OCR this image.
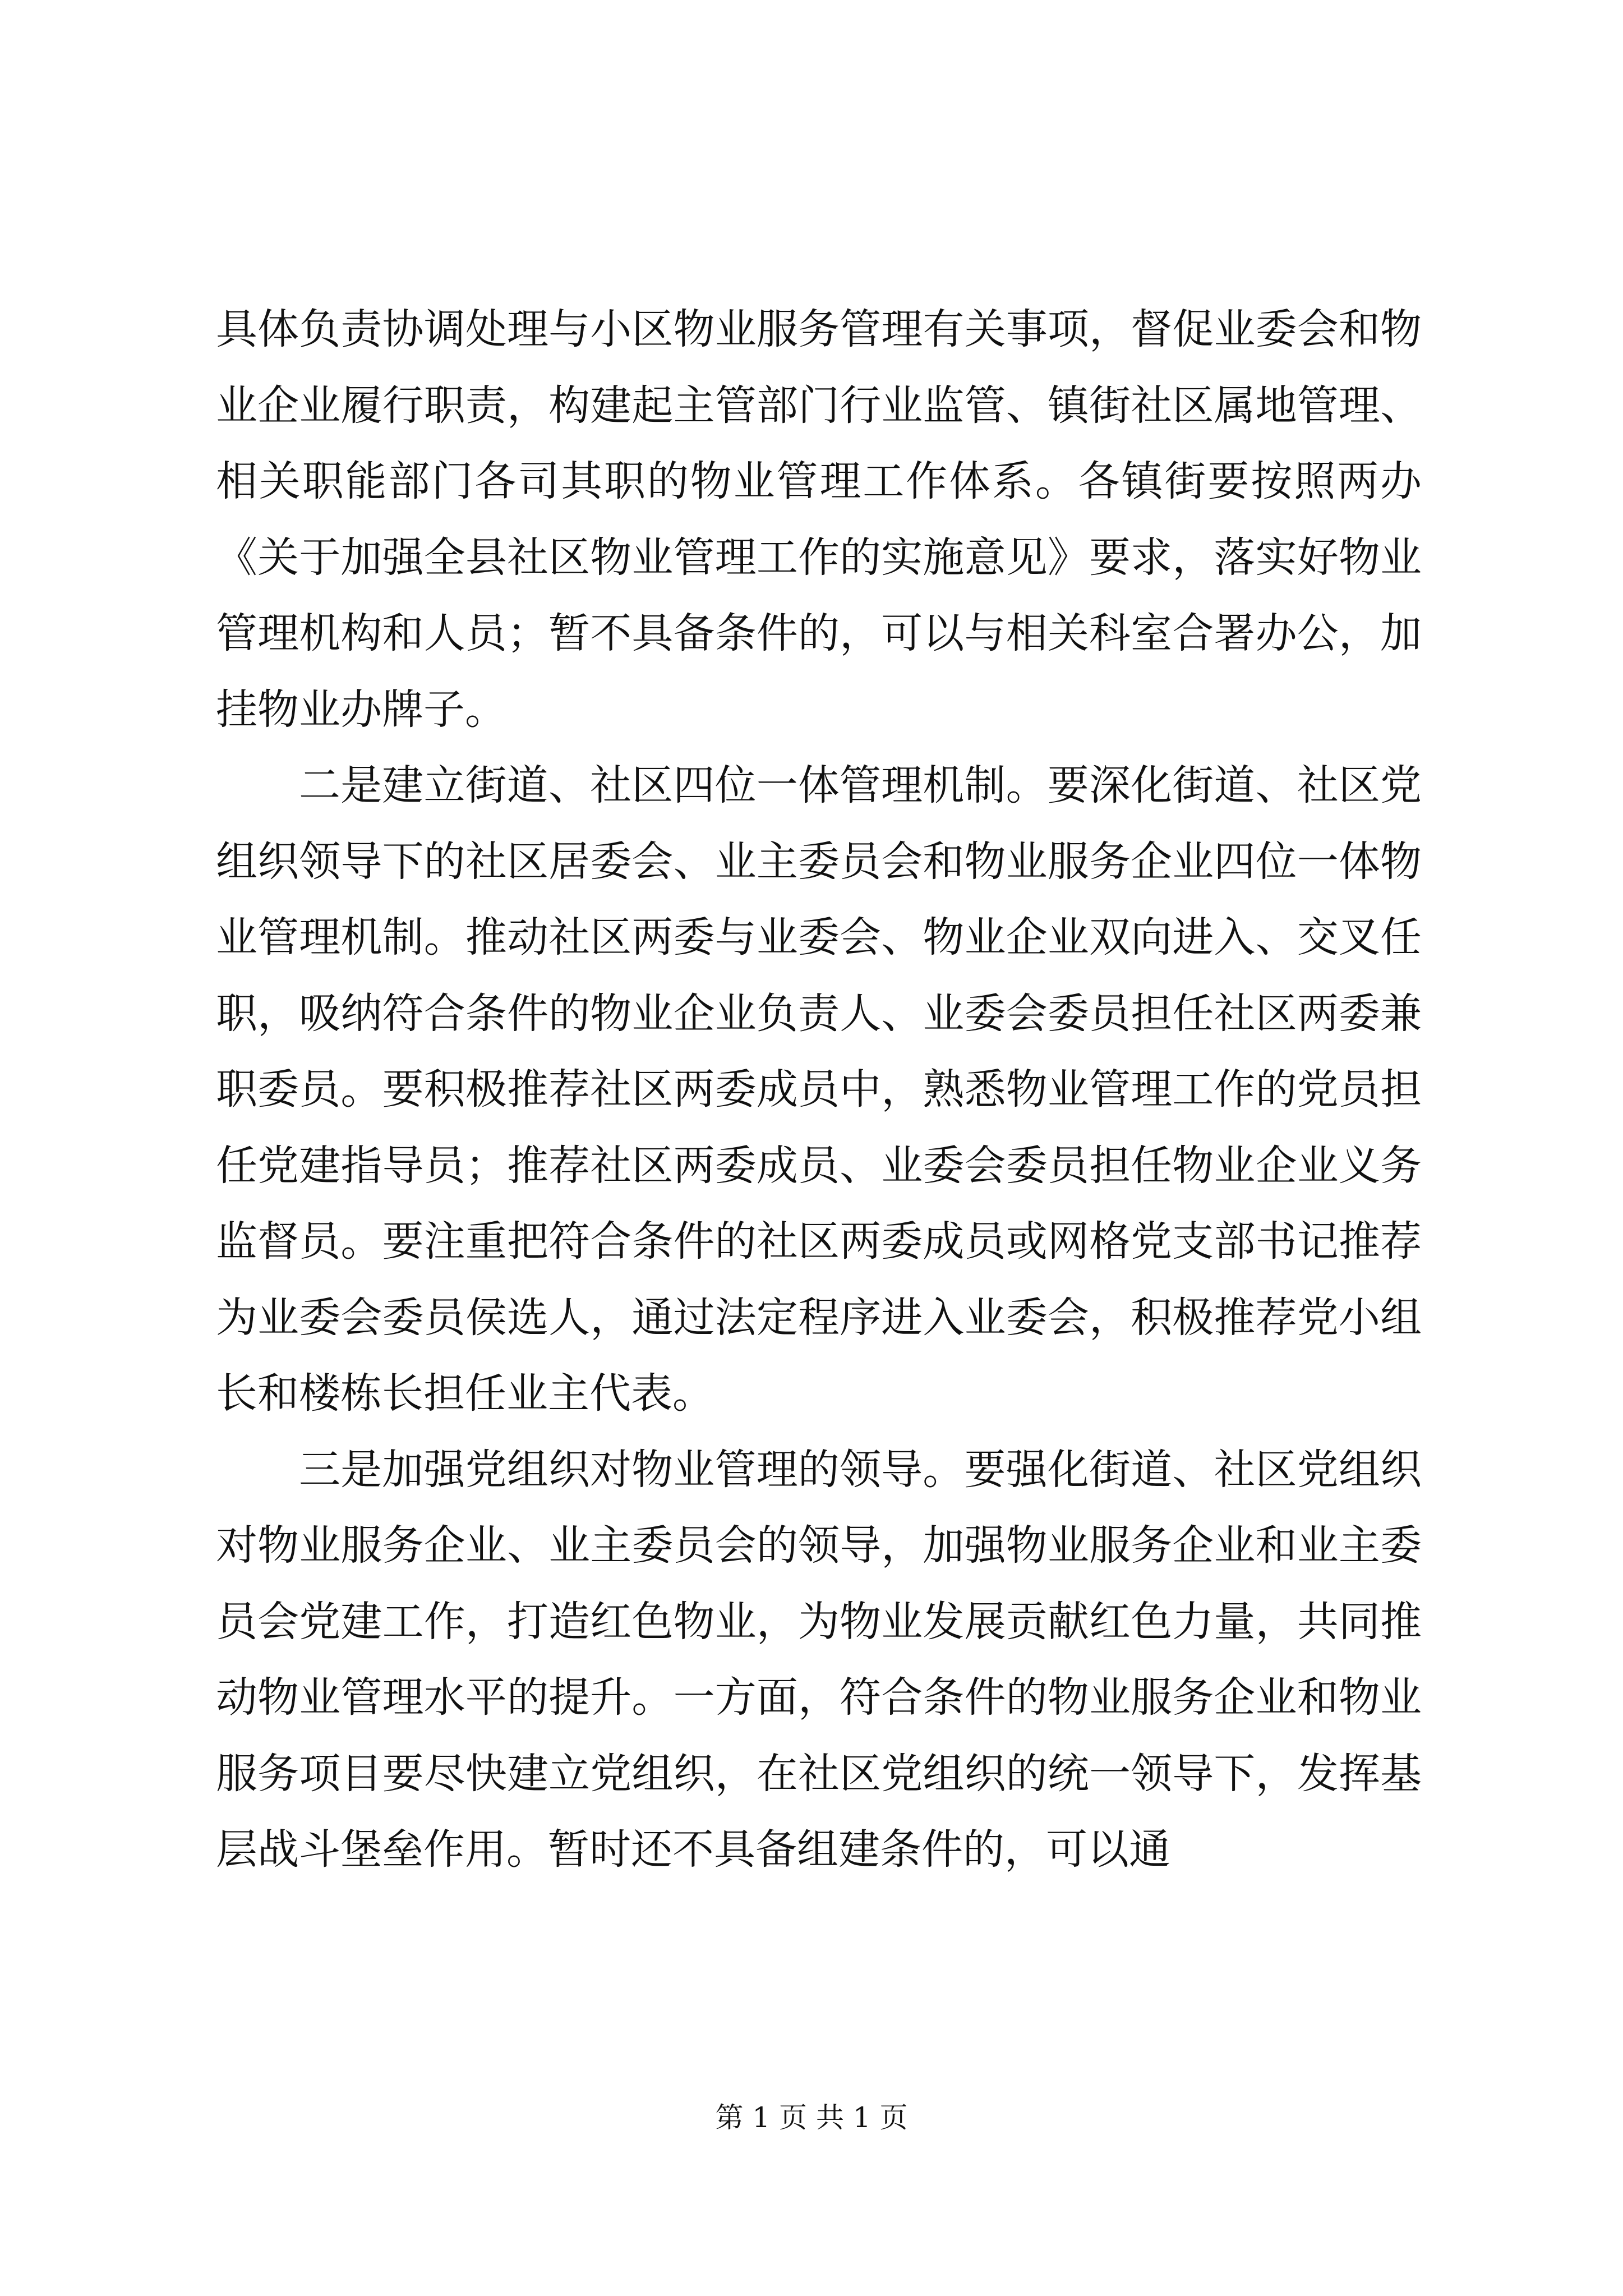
具体负责协调处理与小区物业服务管理有关事项，督促业委会和物业企业履行职责，构建起主管部门行业监管、镇街社区属地管理、相关职能部门各司其职的物业管理工作体系。各镇街要按照两办《关于加强全县社区物业管理工作的实施意见》要求，落实好物业管理机构和人员；暂不具备条件的，可以与相关科室合署办公，加挂物业办牌子。

二是建立街道、社区四位一体管理机制。要深化街道、社区党组织领导下的社区居委会、业主委员会和物业服务企业四位一体物业管理机制。推动社区两委与业委会、物业企业双向进入、交叉任职，吸纳符合条件的物业企业负责人、业委会委员担任社区两委兼职委员。要积极推荐社区两委成员中，熟悉物业管理工作的党员担任党建指导员；推荐社区两委成员、业委会委员担任物业企业义务监督员。要注重把符合条件的社区两委成员或网格党支部书记推荐为业委会委员侯选人，通过法定程序进入业委会，积极推荐党小组长和楼栋长担任业主代表。

三是加强党组织对物业管理的领导。要强化街道、社区党组织对物业服务企业、业主委员会的领导，加强物业服务企业和业主委员会党建工作，打造红色物业，为物业发展贡献红色力量，共同推动物业管理水平的提升。一方面，符合条件的物业服务企业和物业服务项目要尽快建立党组织，在社区党组织的统一领导下，发挥基层战斗堡垒作用。暂时还不具备组建条件的，可以通

第 1 页 共 1 页
